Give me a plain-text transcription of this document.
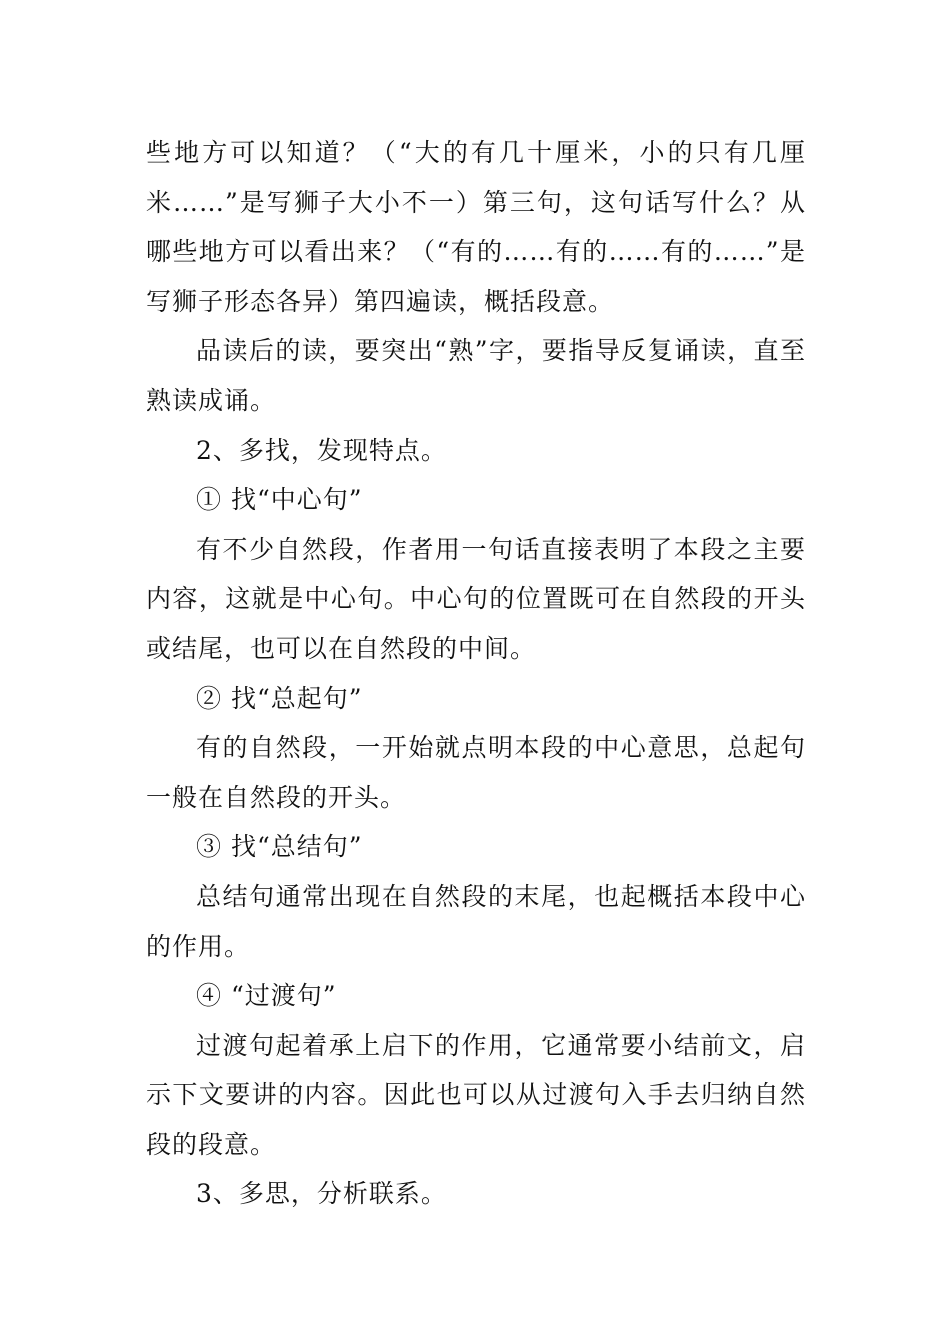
些地方可以知道？（“大的有几十厘米，小的只有几厘米……”是写狮子大小不一）第三句，这句话写什么？从哪些地方可以看出来？（“有的……有的……有的……”是写狮子形态各异）第四遍读，概括段意。

品读后的读，要突出“熟”字，要指导反复诵读，直至熟读成诵。

2、多找，发现特点。

① 找“中心句”

有不少自然段，作者用一句话直接表明了本段之主要内容，这就是中心句。中心句的位置既可在自然段的开头或结尾，也可以在自然段的中间。

② 找“总起句”

有的自然段，一开始就点明本段的中心意思，总起句一般在自然段的开头。

③ 找“总结句”

总结句通常出现在自然段的末尾，也起概括本段中心的作用。

④ “过渡句”

过渡句起着承上启下的作用，它通常要小结前文，启示下文要讲的内容。因此也可以从过渡句入手去归纳自然段的段意。

3、多思，分析联系。
